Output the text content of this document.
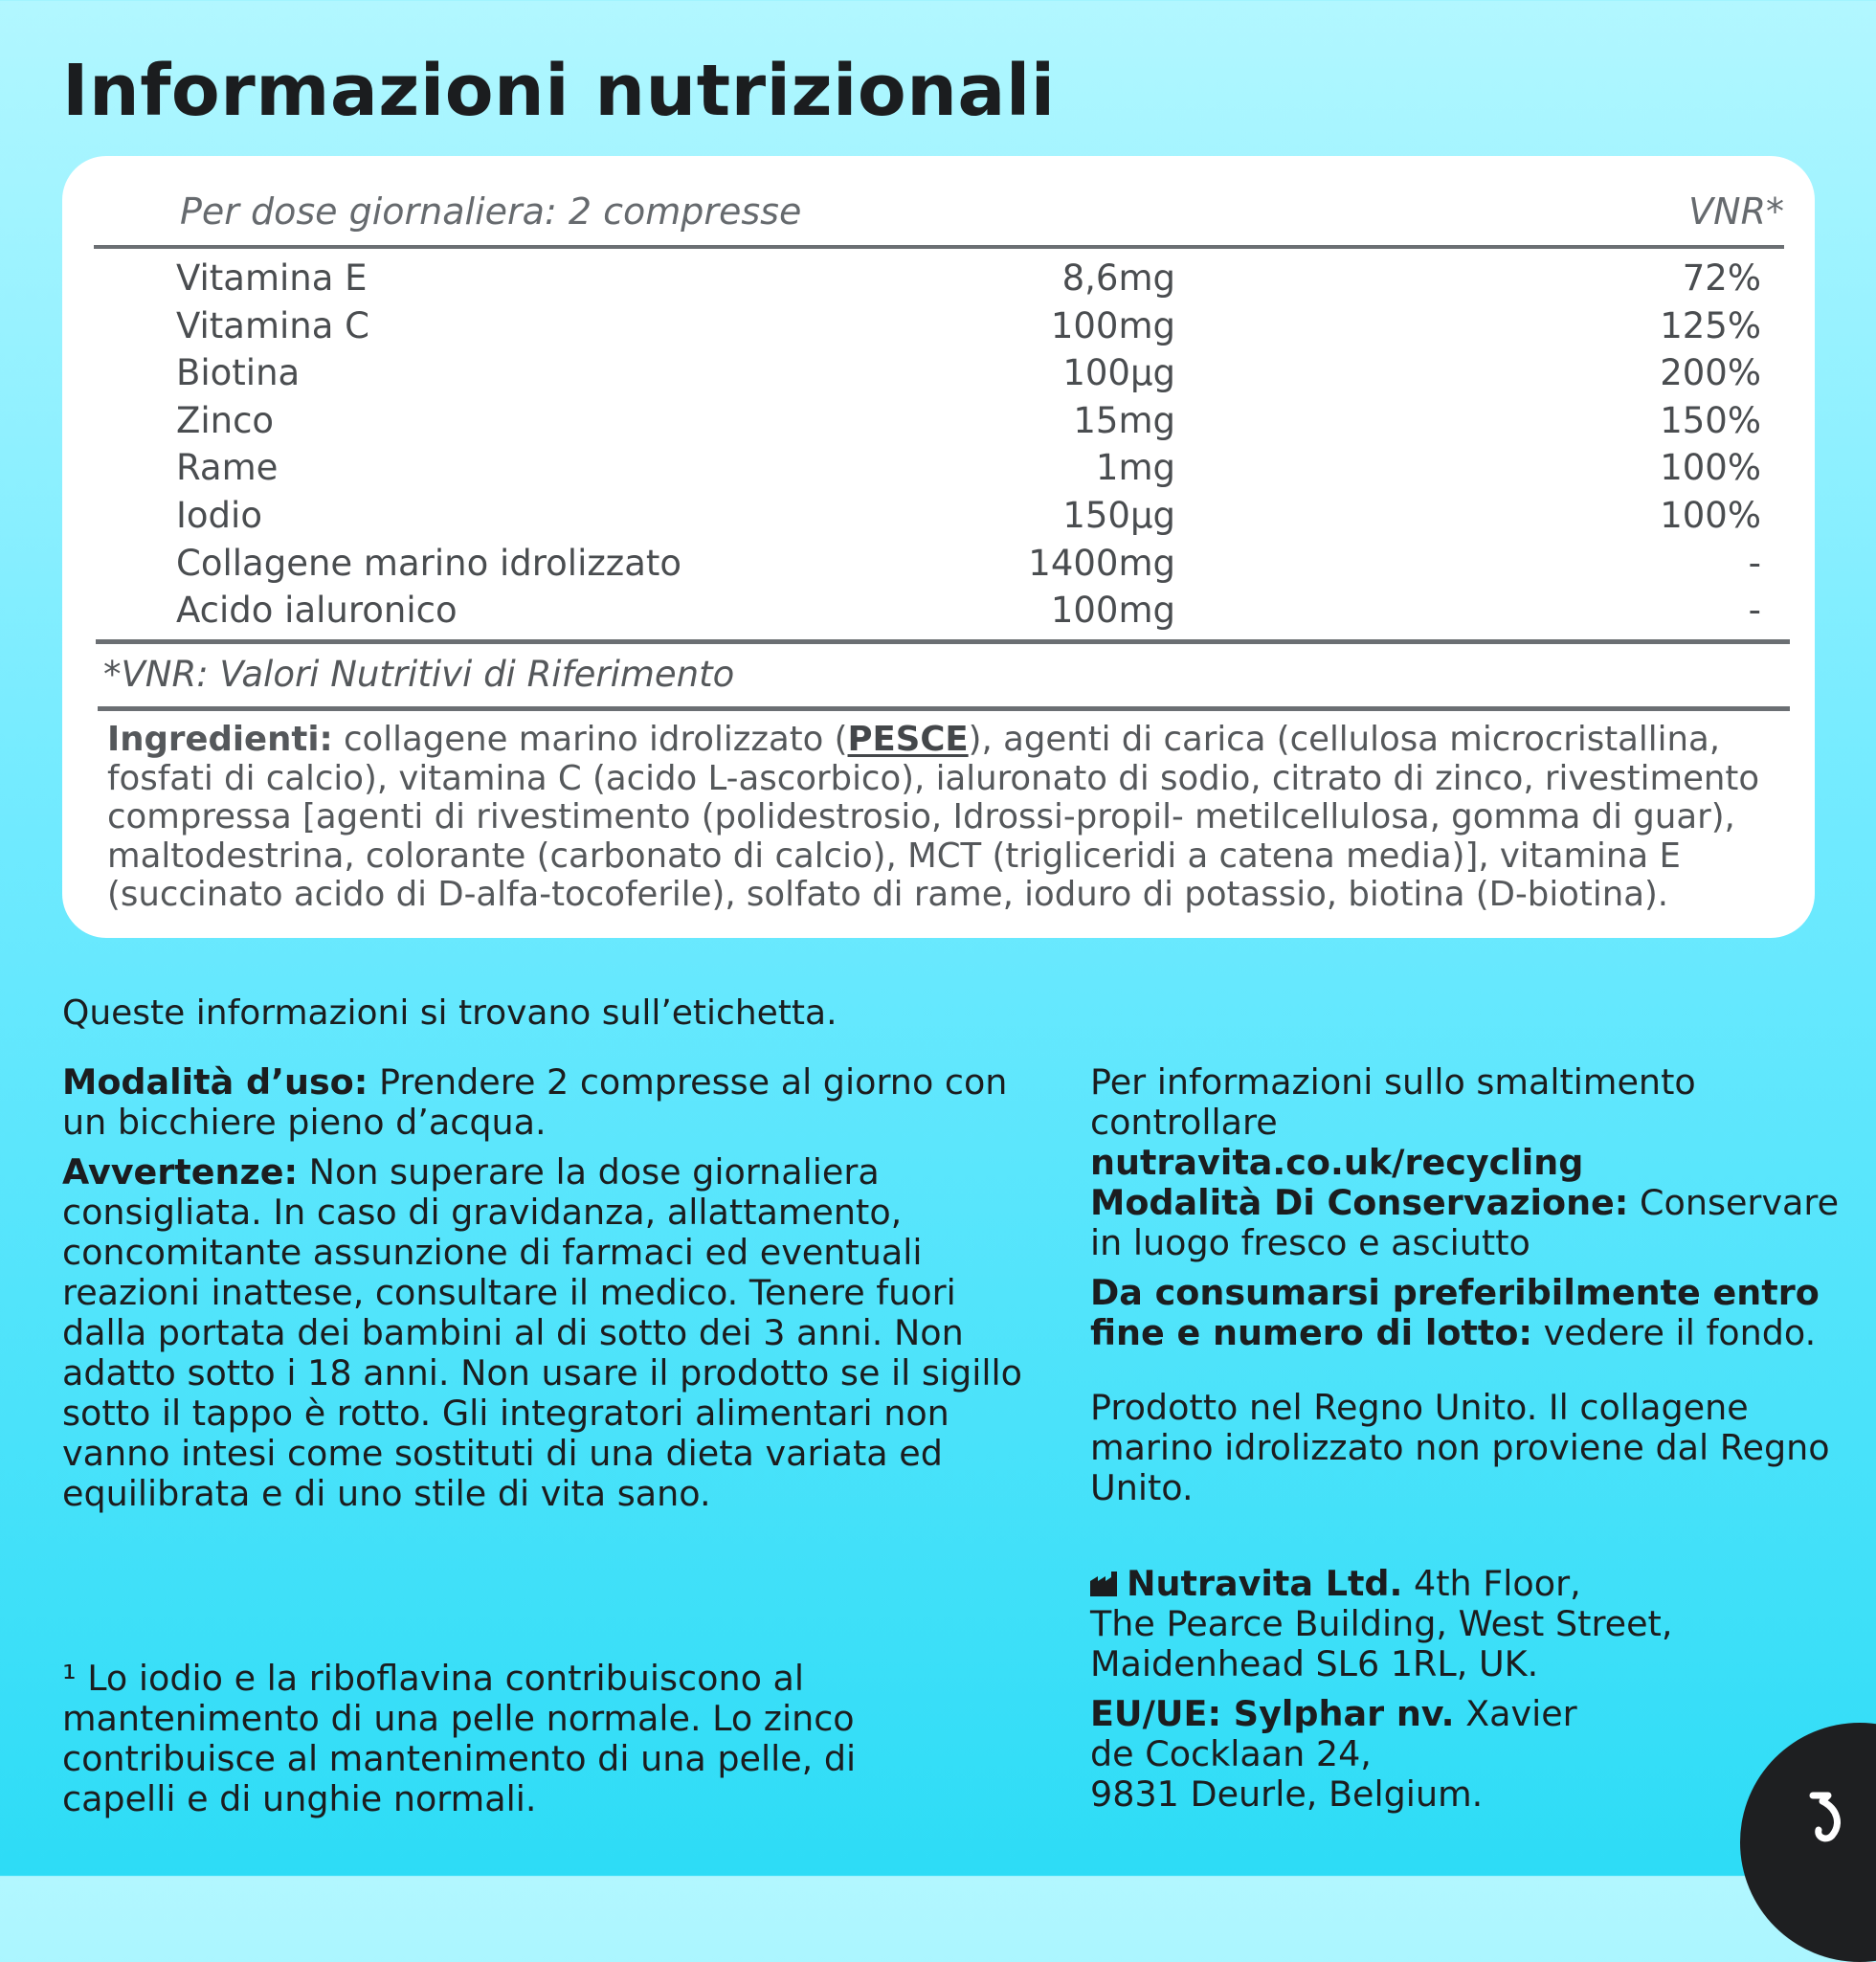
Informazioni nutrizionali
Per dose giornaliera: 2 compresse	VNR*
Vitamina E	8,6mg	72%
Vitamina C	100mg	125%
Biotina	100µg	200%
Zinco	15mg	150%
Rame	1mg	100%
Iodio	150µg	100%
Collagene marino idrolizzato	1400mg	-
Acido ialuronico	100mg	-
*VNR: Valori Nutritivi di Riferimento
Ingredienti: collagene marino idrolizzato (PESCE), agenti di carica (cellulosa microcristallina, fosfati di calcio), vitamina C (acido L-ascorbico), ialuronato di sodio, citrato di zinco, rivestimento compressa [agenti di rivestimento (polidestrosio, Idrossi-propil- metilcellulosa, gomma di guar), maltodestrina, colorante (carbonato di calcio), MCT (trigliceridi a catena media)], vitamina E (succinato acido di D-alfa-tocoferile), solfato di rame, ioduro di potassio, biotina (D-biotina).
Queste informazioni si trovano sull’etichetta.

Modalità d’uso: Prendere 2 compresse al giorno con un bicchiere pieno d’acqua.

Avvertenze: Non superare la dose giornaliera consigliata. In caso di gravidanza, allattamento, concomitante assunzione di farmaci ed eventuali reazioni inattese, consultare il medico. Tenere fuori dalla portata dei bambini al di sotto dei 3 anni. Non adatto sotto i 18 anni. Non usare il prodotto se il sigillo sotto il tappo è rotto. Gli integratori alimentari non vanno intesi come sostituti di una dieta variata ed equilibrata e di uno stile di vita sano.

¹ Lo iodio e la riboflavina contribuiscono al mantenimento di una pelle normale. Lo zinco contribuisce al mantenimento di una pelle, di capelli e di unghie normali.

Per informazioni sullo smaltimento controllare
nutravita.co.uk/recycling

Modalità Di Conservazione: Conservare in luogo fresco e asciutto

Da consumarsi preferibilmente entro fine e numero di lotto: vedere il fondo.

Prodotto nel Regno Unito. Il collagene marino idrolizzato non proviene dal Regno Unito.

Nutravita Ltd. 4th Floor,
The Pearce Building, West Street,
Maidenhead SL6 1RL, UK.

EU/UE: Sylphar nv. Xavier
de Cocklaan 24,
9831 Deurle, Belgium.
